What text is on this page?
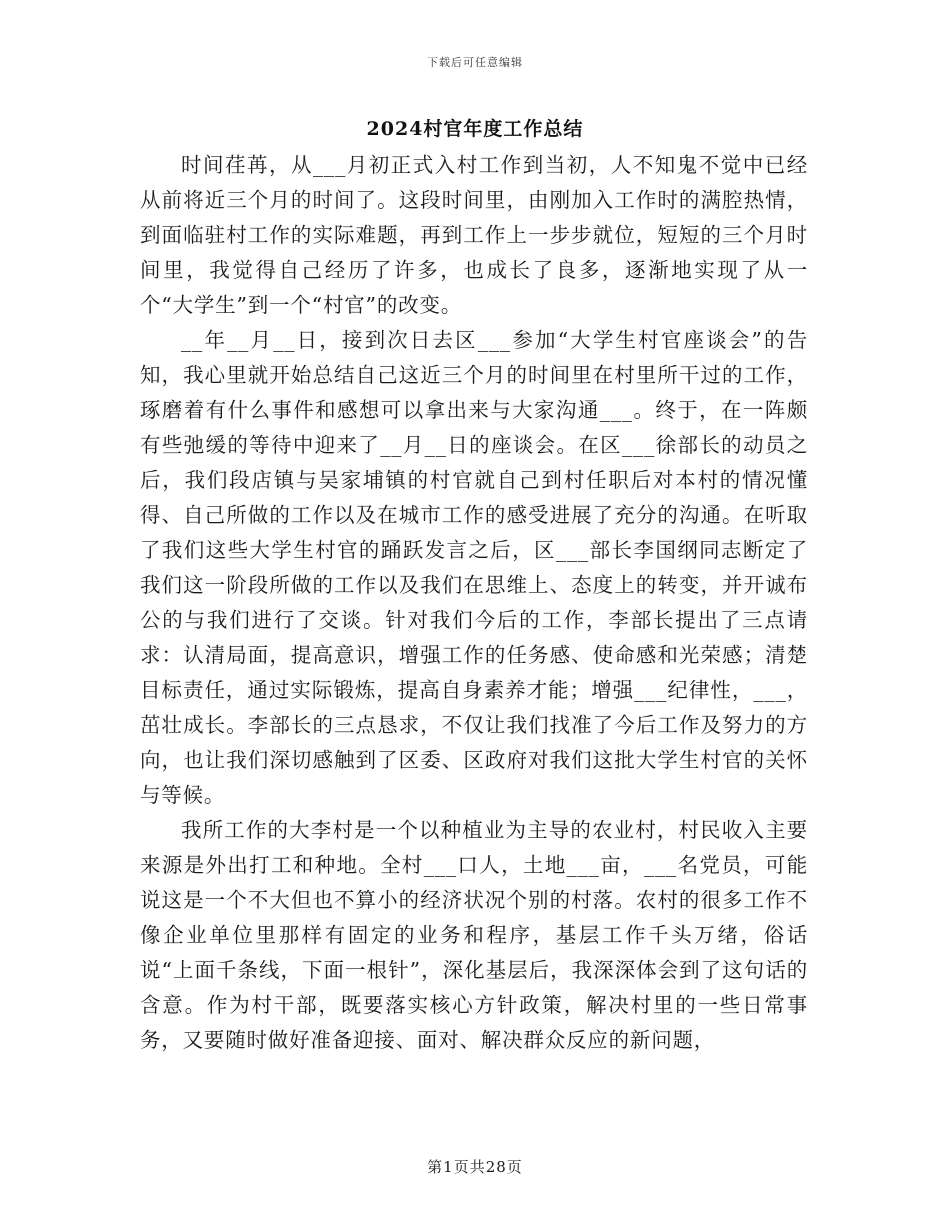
下载后可任意编辑
2024村官年度工作总结

时间荏苒，从___月初正式入村工作到当初，人不知鬼不觉中已经从前将近三个月的时间了。这段时间里，由刚加入工作时的满腔热情，到面临驻村工作的实际难题，再到工作上一步步就位，短短的三个月时间里，我觉得自己经历了许多，也成长了良多，逐渐地实现了从一个“大学生”到一个“村官”的改变。

__年__月__日，接到次日去区___参加“大学生村官座谈会”的告知，我心里就开始总结自己这近三个月的时间里在村里所干过的工作，琢磨着有什么事件和感想可以拿出来与大家沟通___。终于，在一阵颇有些弛缓的等待中迎来了__月__日的座谈会。在区___徐部长的动员之后，我们段店镇与吴家埔镇的村官就自己到村任职后对本村的情况懂得、自己所做的工作以及在城市工作的感受进展了充分的沟通。在听取了我们这些大学生村官的踊跃发言之后，区___部长李国纲同志断定了我们这一阶段所做的工作以及我们在思维上、态度上的转变，并开诚布公的与我们进行了交谈。针对我们今后的工作，李部长提出了三点请求：认清局面，提高意识，增强工作的任务感、使命感和光荣感；清楚目标责任，通过实际锻炼，提高自身素养才能；增强___纪律性，___，茁壮成长。李部长的三点恳求，不仅让我们找准了今后工作及努力的方向，也让我们深切感触到了区委、区政府对我们这批大学生村官的关怀与等候。

我所工作的大李村是一个以种植业为主导的农业村，村民收入主要来源是外出打工和种地。全村___口人，土地___亩，___名党员，可能说这是一个不大但也不算小的经济状况个别的村落。农村的很多工作不像企业单位里那样有固定的业务和程序，基层工作千头万绪，俗话说“上面千条线，下面一根针”，深化基层后，我深深体会到了这句话的含意。作为村干部，既要落实核心方针政策，解决村里的一些日常事务，又要随时做好准备迎接、面对、解决群众反应的新问题，

第1页共28页
